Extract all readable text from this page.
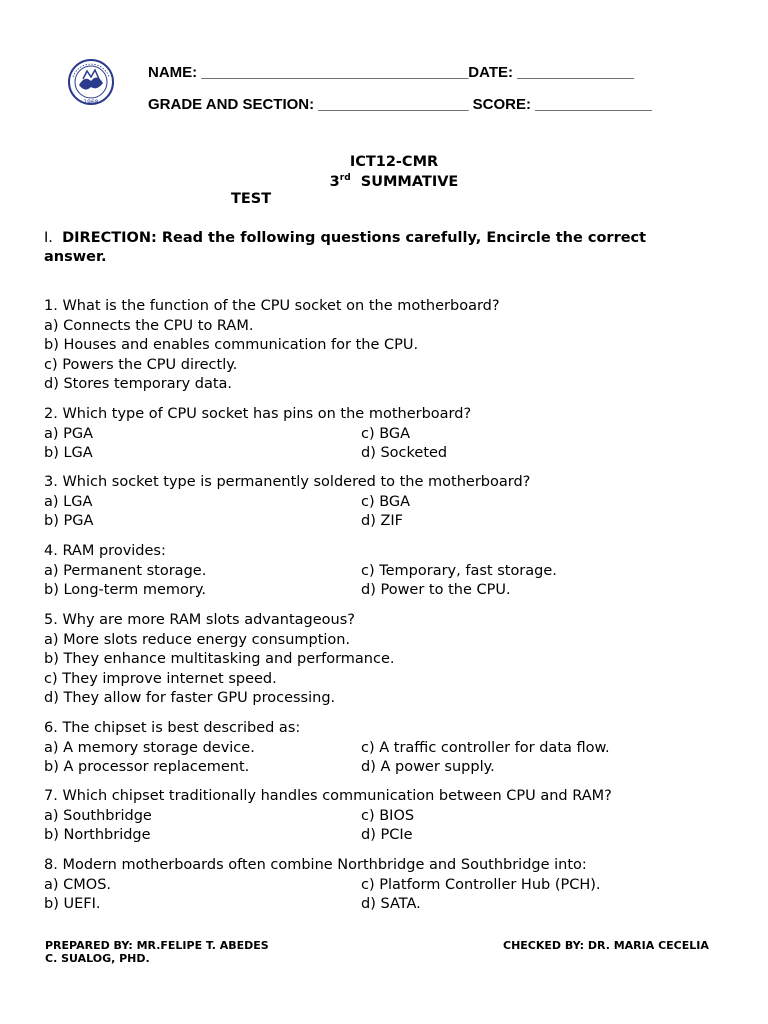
1968
NAME: ________________________________DATE: ______________
GRADE AND SECTION: __________________ SCORE: ______________
ICT12-CMR
3rd SUMMATIVE
TEST
I. DIRECTION: Read the following questions carefully, Encircle the correct answer.
1. What is the function of the CPU socket on the motherboard?
a) Connects the CPU to RAM.
b) Houses and enables communication for the CPU.
c) Powers the CPU directly.
d) Stores temporary data.
2. Which type of CPU socket has pins on the motherboard?
a) PGA	c) BGA
b) LGA	d) Socketed
3. Which socket type is permanently soldered to the motherboard?
a) LGA	c) BGA
b) PGA	d) ZIF
4. RAM provides:
a) Permanent storage.	c) Temporary, fast storage.
b) Long-term memory.	d) Power to the CPU.
5. Why are more RAM slots advantageous?
a) More slots reduce energy consumption.
b) They enhance multitasking and performance.
c) They improve internet speed.
d) They allow for faster GPU processing.
6. The chipset is best described as:
a) A memory storage device.	c) A traffic controller for data flow.
b) A processor replacement.	d) A power supply.
7. Which chipset traditionally handles communication between CPU and RAM?
a) Southbridge	c) BIOS
b) Northbridge	d) PCIe
8. Modern motherboards often combine Northbridge and Southbridge into:
a) CMOS.	c) Platform Controller Hub (PCH).
b) UEFI.	d) SATA.
PREPARED BY: MR.FELIPE T. ABEDES
C. SUALOG, PHD.
CHECKED BY: DR. MARIA CECELIA
